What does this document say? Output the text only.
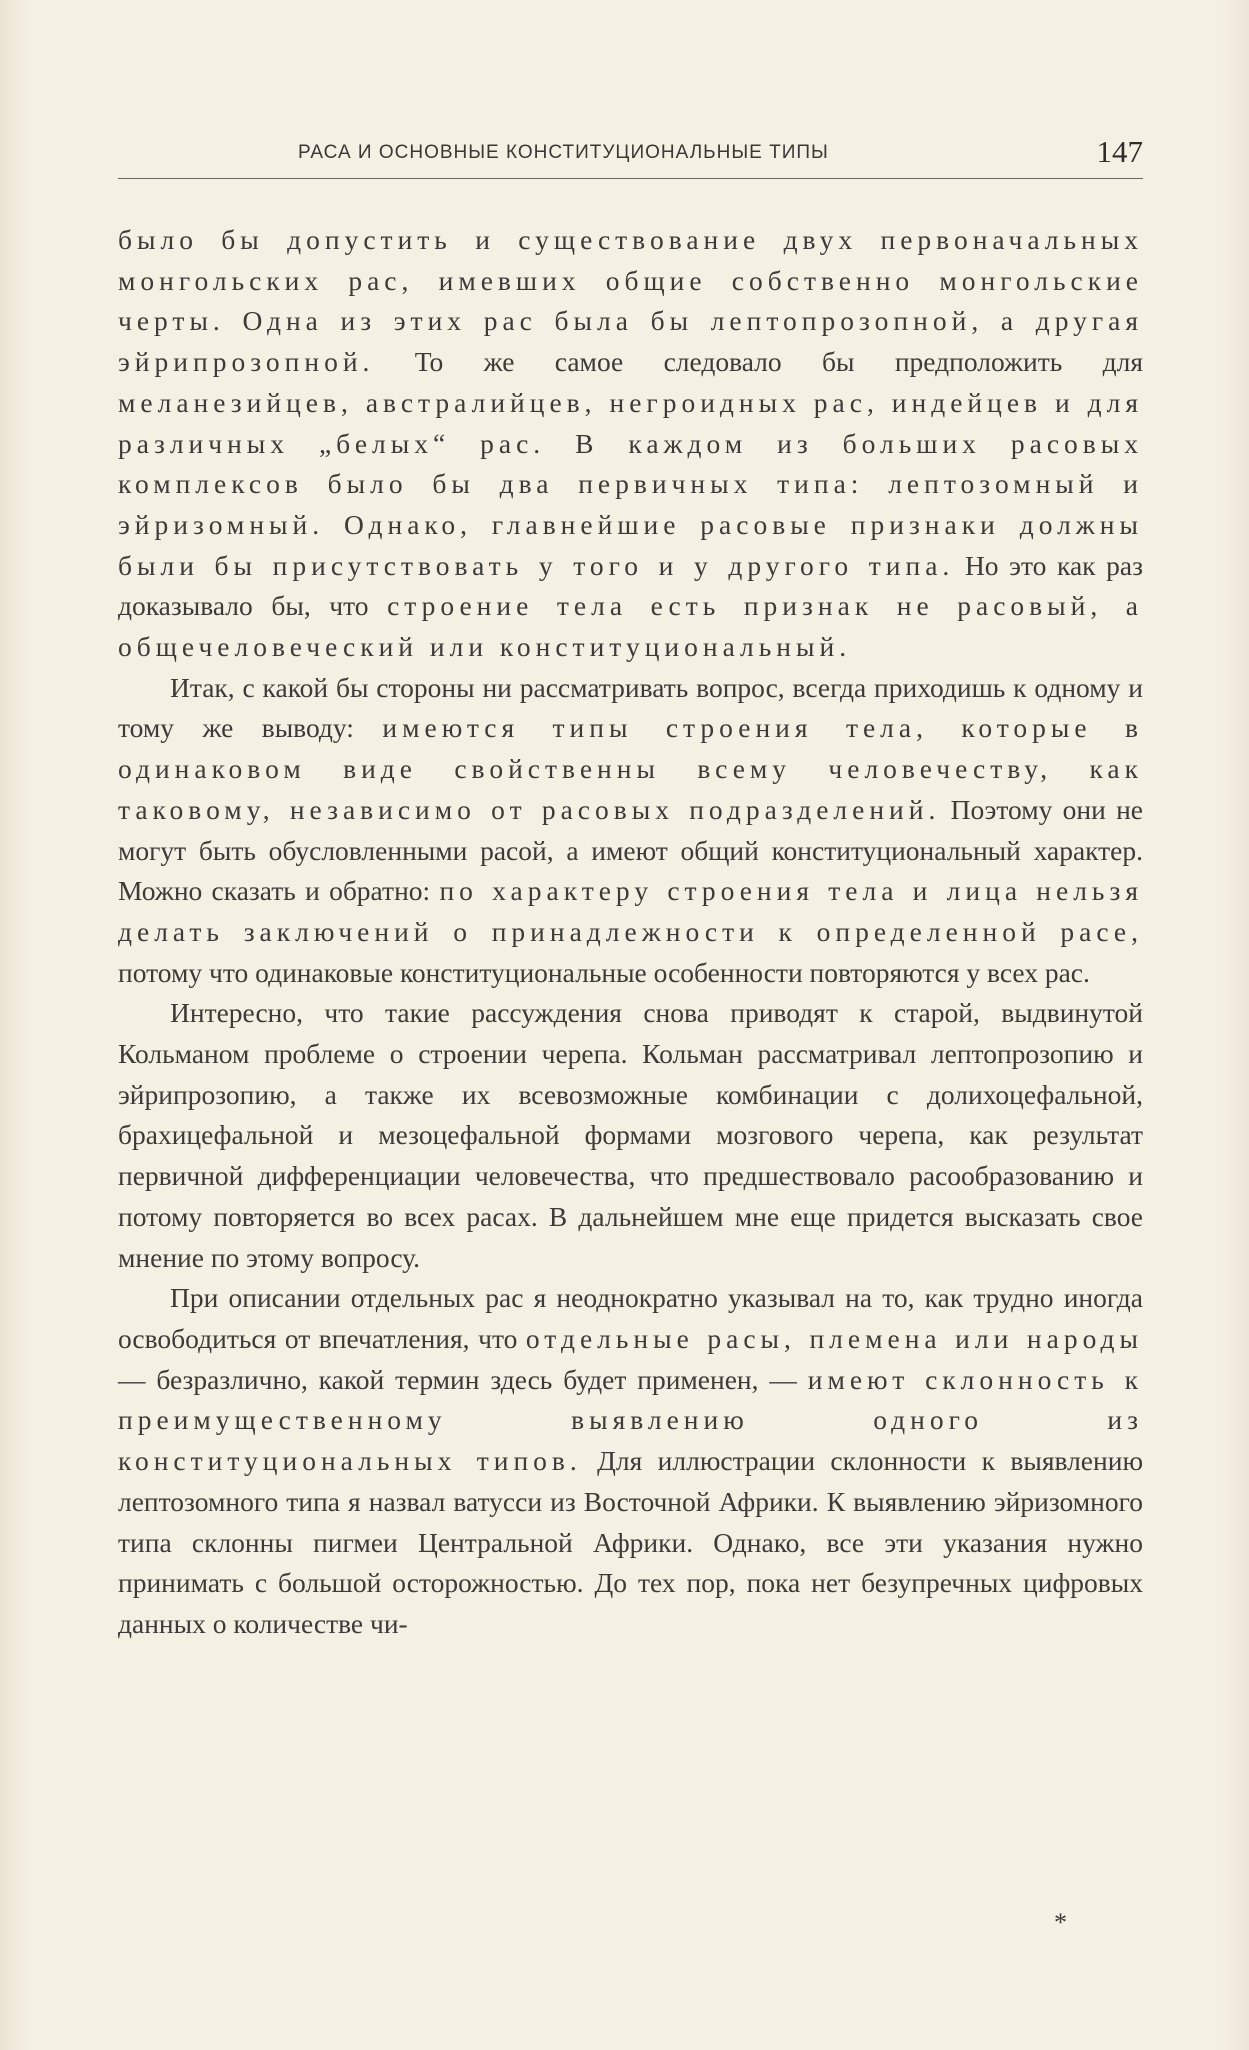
РАСА И ОСНОВНЫЕ КОНСТИТУЦИОНАЛЬНЫЕ ТИПЫ	147

было бы допустить и существование двух первоначальных монгольских рас, имевших общие собственно монгольские черты. Одна из этих рас была бы лептопрозопной, а другая эйрипрозопной. То же самое следовало бы предположить для меланезийцев, австралийцев, негроидных рас, индейцев и для различных „белых“ рас. В каждом из больших расовых комплексов было бы два первичных типа: лептозомный и эйризомный. Однако, главнейшие расовые признаки должны были бы присутствовать у того и у другого типа. Но это как раз доказывало бы, что строение тела есть признак не расовый, а общечеловеческий или конституциональный.

Итак, с какой бы стороны ни рассматривать вопрос, всегда приходишь к одному и тому же выводу: имеются типы строения тела, которые в одинаковом виде свойственны всему человечеству, как таковому, независимо от расовых подразделений. Поэтому они не могут быть обусловленными расой, а имеют общий конституциональный характер. Можно сказать и обратно: по характеру строения тела и лица нельзя делать заключений о принадлежности к определенной расе, потому что одинаковые конституциональные особенности повторяются у всех рас.

Интересно, что такие рассуждения снова приводят к старой, выдвинутой Кольманом проблеме о строении черепа. Кольман рассматривал лептопрозопию и эйрипрозопию, а также их всевозможные комбинации с долихоцефальной, брахицефальной и мезоцефальной формами мозгового черепа, как результат первичной дифференциации человечества, что предшествовало расообразованию и потому повторяется во всех расах. В дальнейшем мне еще придется высказать свое мнение по этому вопросу.

При описании отдельных рас я неоднократно указывал на то, как трудно иногда освободиться от впечатления, что отдельные расы, племена или народы — безразлично, какой термин здесь будет применен, — имеют склонность к преимущественному выявлению одного из конституциональных типов. Для иллюстрации склонности к выявлению лептозомного типа я назвал ватусси из Восточной Африки. К выявлению эйризомного типа склонны пигмеи Центральной Африки. Однако, все эти указания нужно принимать с большой осторожностью. До тех пор, пока нет безупречных цифровых данных о количестве чи-

*
